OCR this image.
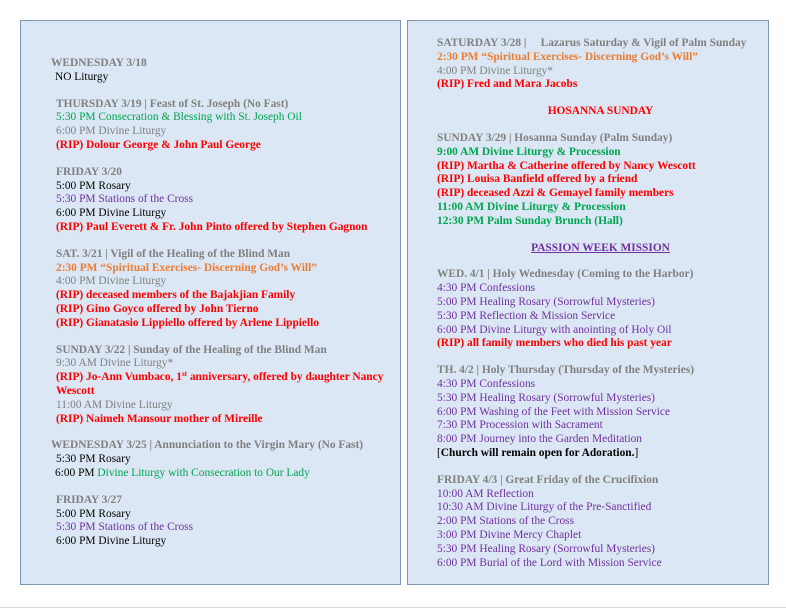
WEDNESDAY 3/18
NO Liturgy
THURSDAY 3/19 | Feast of St. Joseph (No Fast)
5:30 PM Consecration & Blessing with St. Joseph Oil
6:00 PM Divine Liturgy
(RIP) Dolour George & John Paul George
FRIDAY 3/20
5:00 PM Rosary
5:30 PM Stations of the Cross
6:00 PM Divine Liturgy
(RIP) Paul Everett & Fr. John Pinto offered by Stephen Gagnon
SAT. 3/21 | Vigil of the Healing of the Blind Man
2:30 PM “Spiritual Exercises- Discerning God’s Will”
4:00 PM Divine Liturgy
(RIP) deceased members of the Bajakjian Family
(RIP) Gino Goyco offered by John Tierno
(RIP) Gianatasio Lippiello offered by Arlene Lippiello
SUNDAY 3/22 | Sunday of the Healing of the Blind Man
9:30 AM Divine Liturgy*
(RIP) Jo-Ann Vumbaco, 1st anniversary, offered by daughter Nancy Wescott
11:00 AM Divine Liturgy
(RIP) Naimeh Mansour mother of Mireille
WEDNESDAY 3/25 | Annunciation to the Virgin Mary (No Fast)
5:30 PM Rosary
6:00 PM Divine Liturgy with Consecration to Our Lady
FRIDAY 3/27
5:00 PM Rosary
5:30 PM Stations of the Cross
6:00 PM Divine Liturgy
SATURDAY 3/28 |     Lazarus Saturday & Vigil of Palm Sunday
2:30 PM “Spiritual Exercises- Discerning God’s Will”
4:00 PM Divine Liturgy*
(RIP) Fred and Mara Jacobs
HOSANNA SUNDAY
SUNDAY 3/29 | Hosanna Sunday (Palm Sunday)
9:00 AM Divine Liturgy & Procession
(RIP) Martha & Catherine offered by Nancy Wescott
(RIP) Louisa Banfield offered by a friend
(RIP) deceased Azzi & Gemayel family members
11:00 AM Divine Liturgy & Procession
12:30 PM Palm Sunday Brunch (Hall)
PASSION WEEK MISSION
WED. 4/1 | Holy Wednesday (Coming to the Harbor)
4:30 PM Confessions
5:00 PM Healing Rosary (Sorrowful Mysteries)
5:30 PM Reflection & Mission Service
6:00 PM Divine Liturgy with anointing of Holy Oil
(RIP) all family members who died his past year
TH. 4/2 | Holy Thursday (Thursday of the Mysteries)
4:30 PM Confessions
5:30 PM Healing Rosary (Sorrowful Mysteries)
6:00 PM Washing of the Feet with Mission Service
7:30 PM Procession with Sacrament
8:00 PM Journey into the Garden Meditation
[Church will remain open for Adoration.]
FRIDAY 4/3 | Great Friday of the Crucifixion
10:00 AM Reflection
10:30 AM Divine Liturgy of the Pre-Sanctified
2:00 PM Stations of the Cross
3:00 PM Divine Mercy Chaplet
5:30 PM Healing Rosary (Sorrowful Mysteries)
6:00 PM Burial of the Lord with Mission Service
